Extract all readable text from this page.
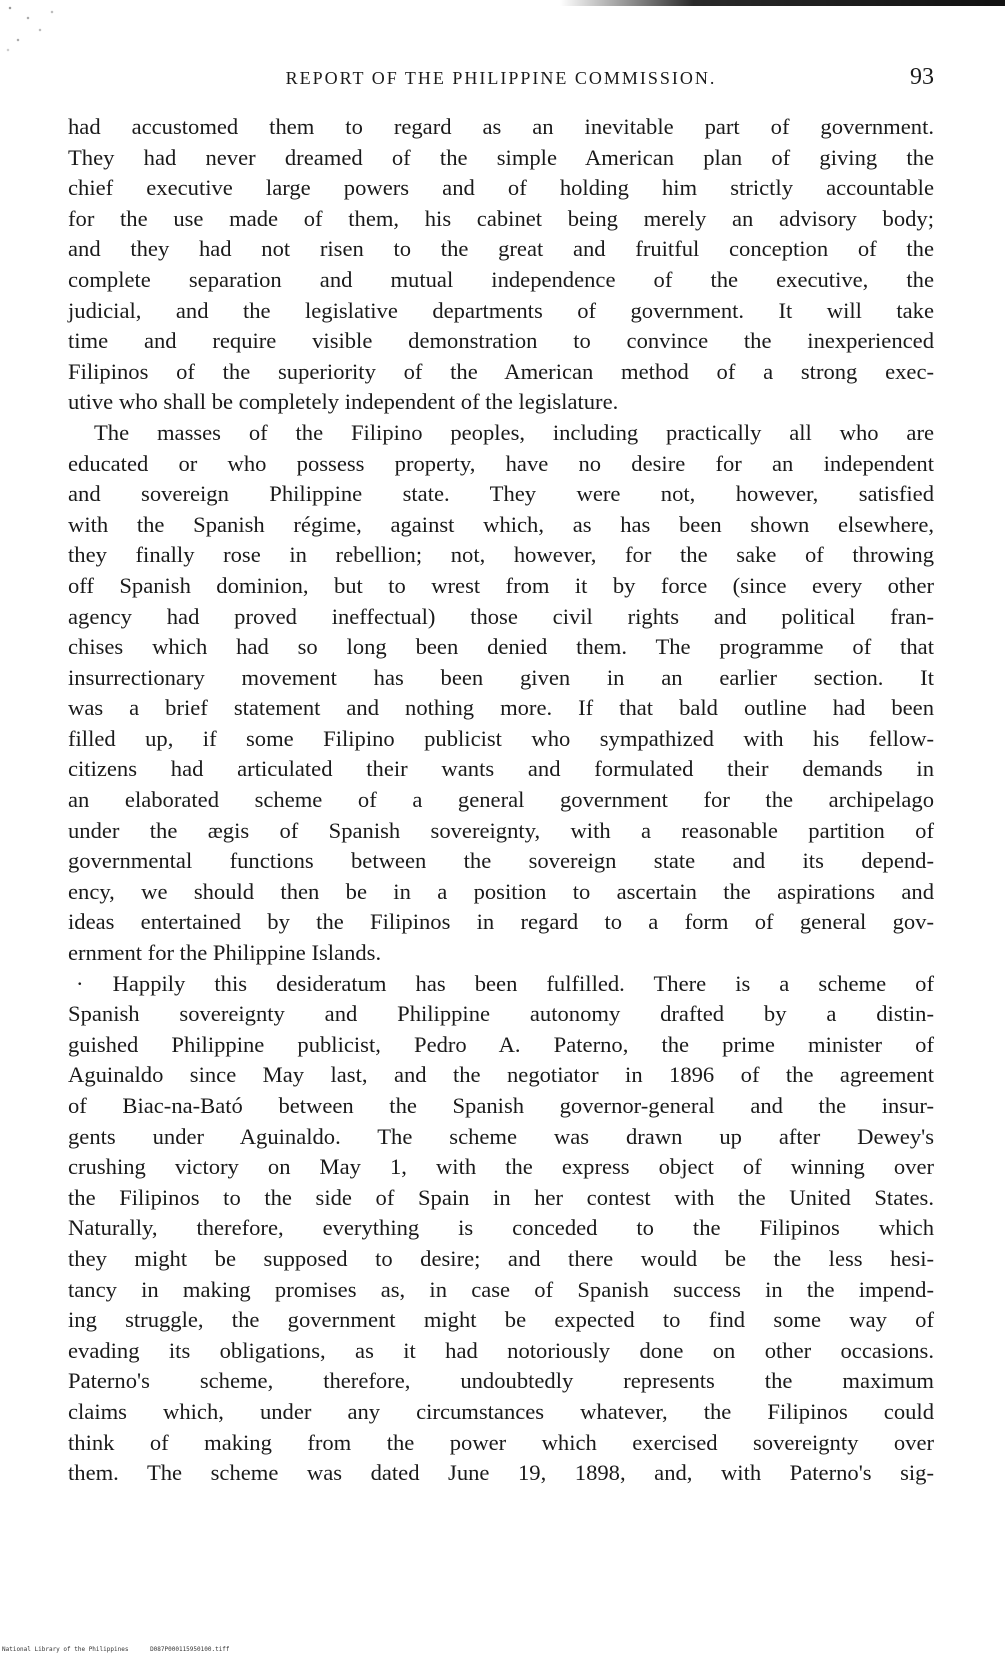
REPORT OF THE PHILIPPINE COMMISSION.	93
had accustomed them to regard as an inevitable part of government.
They had never dreamed of the simple American plan of giving the
chief executive large powers and of holding him strictly accountable
for the use made of them, his cabinet being merely an advisory body;
and they had not risen to the great and fruitful conception of the
complete separation and mutual independence of the executive, the
judicial, and the legislative departments of government. It will take
time and require visible demonstration to convince the inexperienced
Filipinos of the superiority of the American method of a strong exec-
utive who shall be completely independent of the legislature.
The masses of the Filipino peoples, including practically all who are
educated or who possess property, have no desire for an independent
and sovereign Philippine state. They were not, however, satisfied
with the Spanish régime, against which, as has been shown elsewhere,
they finally rose in rebellion; not, however, for the sake of throwing
off Spanish dominion, but to wrest from it by force (since every other
agency had proved ineffectual) those civil rights and political fran-
chises which had so long been denied them. The programme of that
insurrectionary movement has been given in an earlier section. It
was a brief statement and nothing more. If that bald outline had been
filled up, if some Filipino publicist who sympathized with his fellow-
citizens had articulated their wants and formulated their demands in
an elaborated scheme of a general government for the archipelago
under the ægis of Spanish sovereignty, with a reasonable partition of
governmental functions between the sovereign state and its depend-
ency, we should then be in a position to ascertain the aspirations and
ideas entertained by the Filipinos in regard to a form of general gov-
ernment for the Philippine Islands.
· Happily this desideratum has been fulfilled. There is a scheme of
Spanish sovereignty and Philippine autonomy drafted by a distin-
guished Philippine publicist, Pedro A. Paterno, the prime minister of
Aguinaldo since May last, and the negotiator in 1896 of the agreement
of Biac-na-Bató between the Spanish governor-general and the insur-
gents under Aguinaldo. The scheme was drawn up after Dewey's
crushing victory on May 1, with the express object of winning over
the Filipinos to the side of Spain in her contest with the United States.
Naturally, therefore, everything is conceded to the Filipinos which
they might be supposed to desire; and there would be the less hesi-
tancy in making promises as, in case of Spanish success in the impend-
ing struggle, the government might be expected to find some way of
evading its obligations, as it had notoriously done on other occasions.
Paterno's scheme, therefore, undoubtedly represents the maximum
claims which, under any circumstances whatever, the Filipinos could
think of making from the power which exercised sovereignty over
them. The scheme was dated June 19, 1898, and, with Paterno's sig-
National Library of the Philippines	D087P000115950100.tiff
